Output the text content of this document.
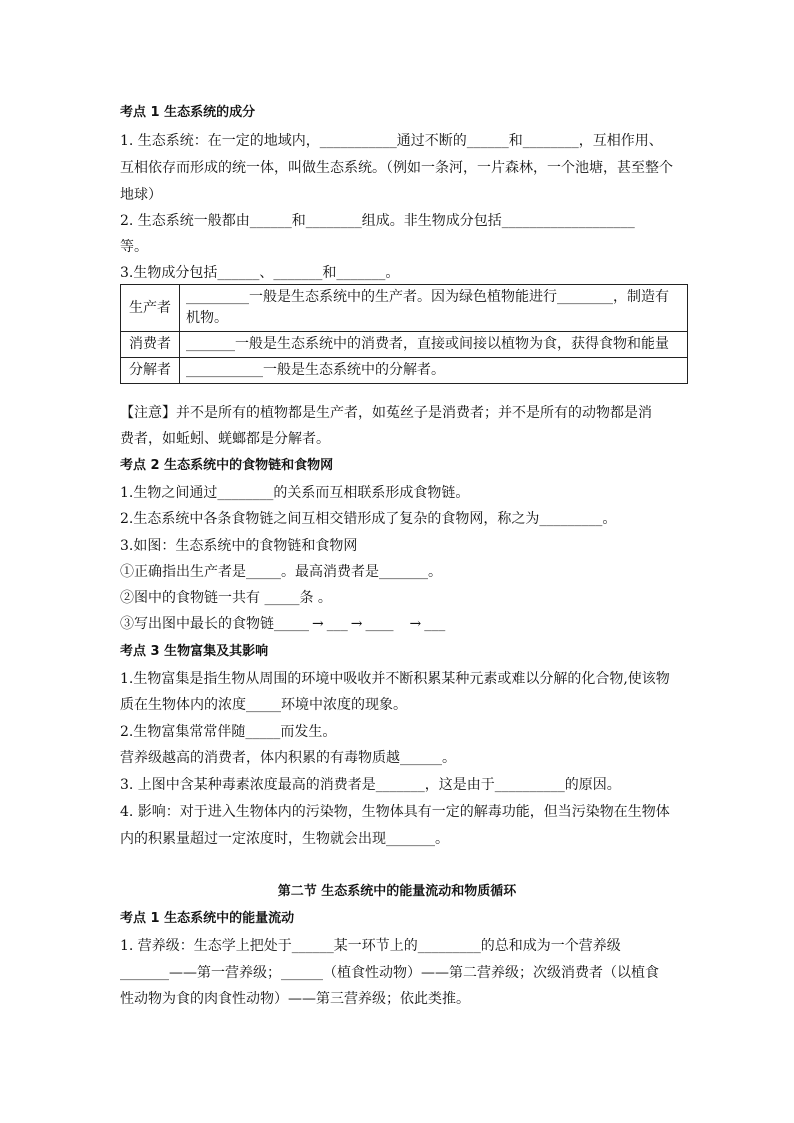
考点 1 生态系统的成分
1. 生态系统：在一定的地域内，___________通过不断的______和________，互相作用、
互相依存而形成的统一体，叫做生态系统。（例如一条河，一片森林，一个池塘，甚至整个
地球）
2. 生态系统一般都由______和________组成。非生物成分包括___________________
等。
3.生物成分包括______、_______和_______。
生产者	_________一般是生态系统中的生产者。因为绿色植物能进行________，制造有机物。
消费者	_______一般是生态系统中的消费者，直接或间接以植物为食，获得食物和能量
分解者	___________一般是生态系统中的分解者。
【注意】并不是所有的植物都是生产者，如菟丝子是消费者；并不是所有的动物都是消
费者，如蚯蚓、蜣螂都是分解者。
考点 2 生态系统中的食物链和食物网
1.生物之间通过________的关系而互相联系形成食物链。
2.生态系统中各条食物链之间互相交错形成了复杂的食物网，称之为_________。
3.如图：生态系统中的食物链和食物网
①正确指出生产者是_____。最高消费者是_______。
②图中的食物链一共有 _____条 。
③写出图中最长的食物链_____ → ___ → ____ → ___
考点 3 生物富集及其影响
1.生物富集是指生物从周围的环境中吸收并不断积累某种元素或难以分解的化合物,使该物
质在生物体内的浓度_____环境中浓度的现象。
2.生物富集常常伴随_____而发生。
营养级越高的消费者，体内积累的有毒物质越______。
3. 上图中含某种毒素浓度最高的消费者是_______，这是由于__________的原因。
4. 影响：对于进入生物体内的污染物，生物体具有一定的解毒功能，但当污染物在生物体
内的积累量超过一定浓度时，生物就会出现_______。
第二节 生态系统中的能量流动和物质循环
考点 1 生态系统中的能量流动
1. 营养级：生态学上把处于______某一环节上的_________的总和成为一个营养级
_______——第一营养级；______（植食性动物）——第二营养级；次级消费者（以植食
性动物为食的肉食性动物）——第三营养级；依此类推。
